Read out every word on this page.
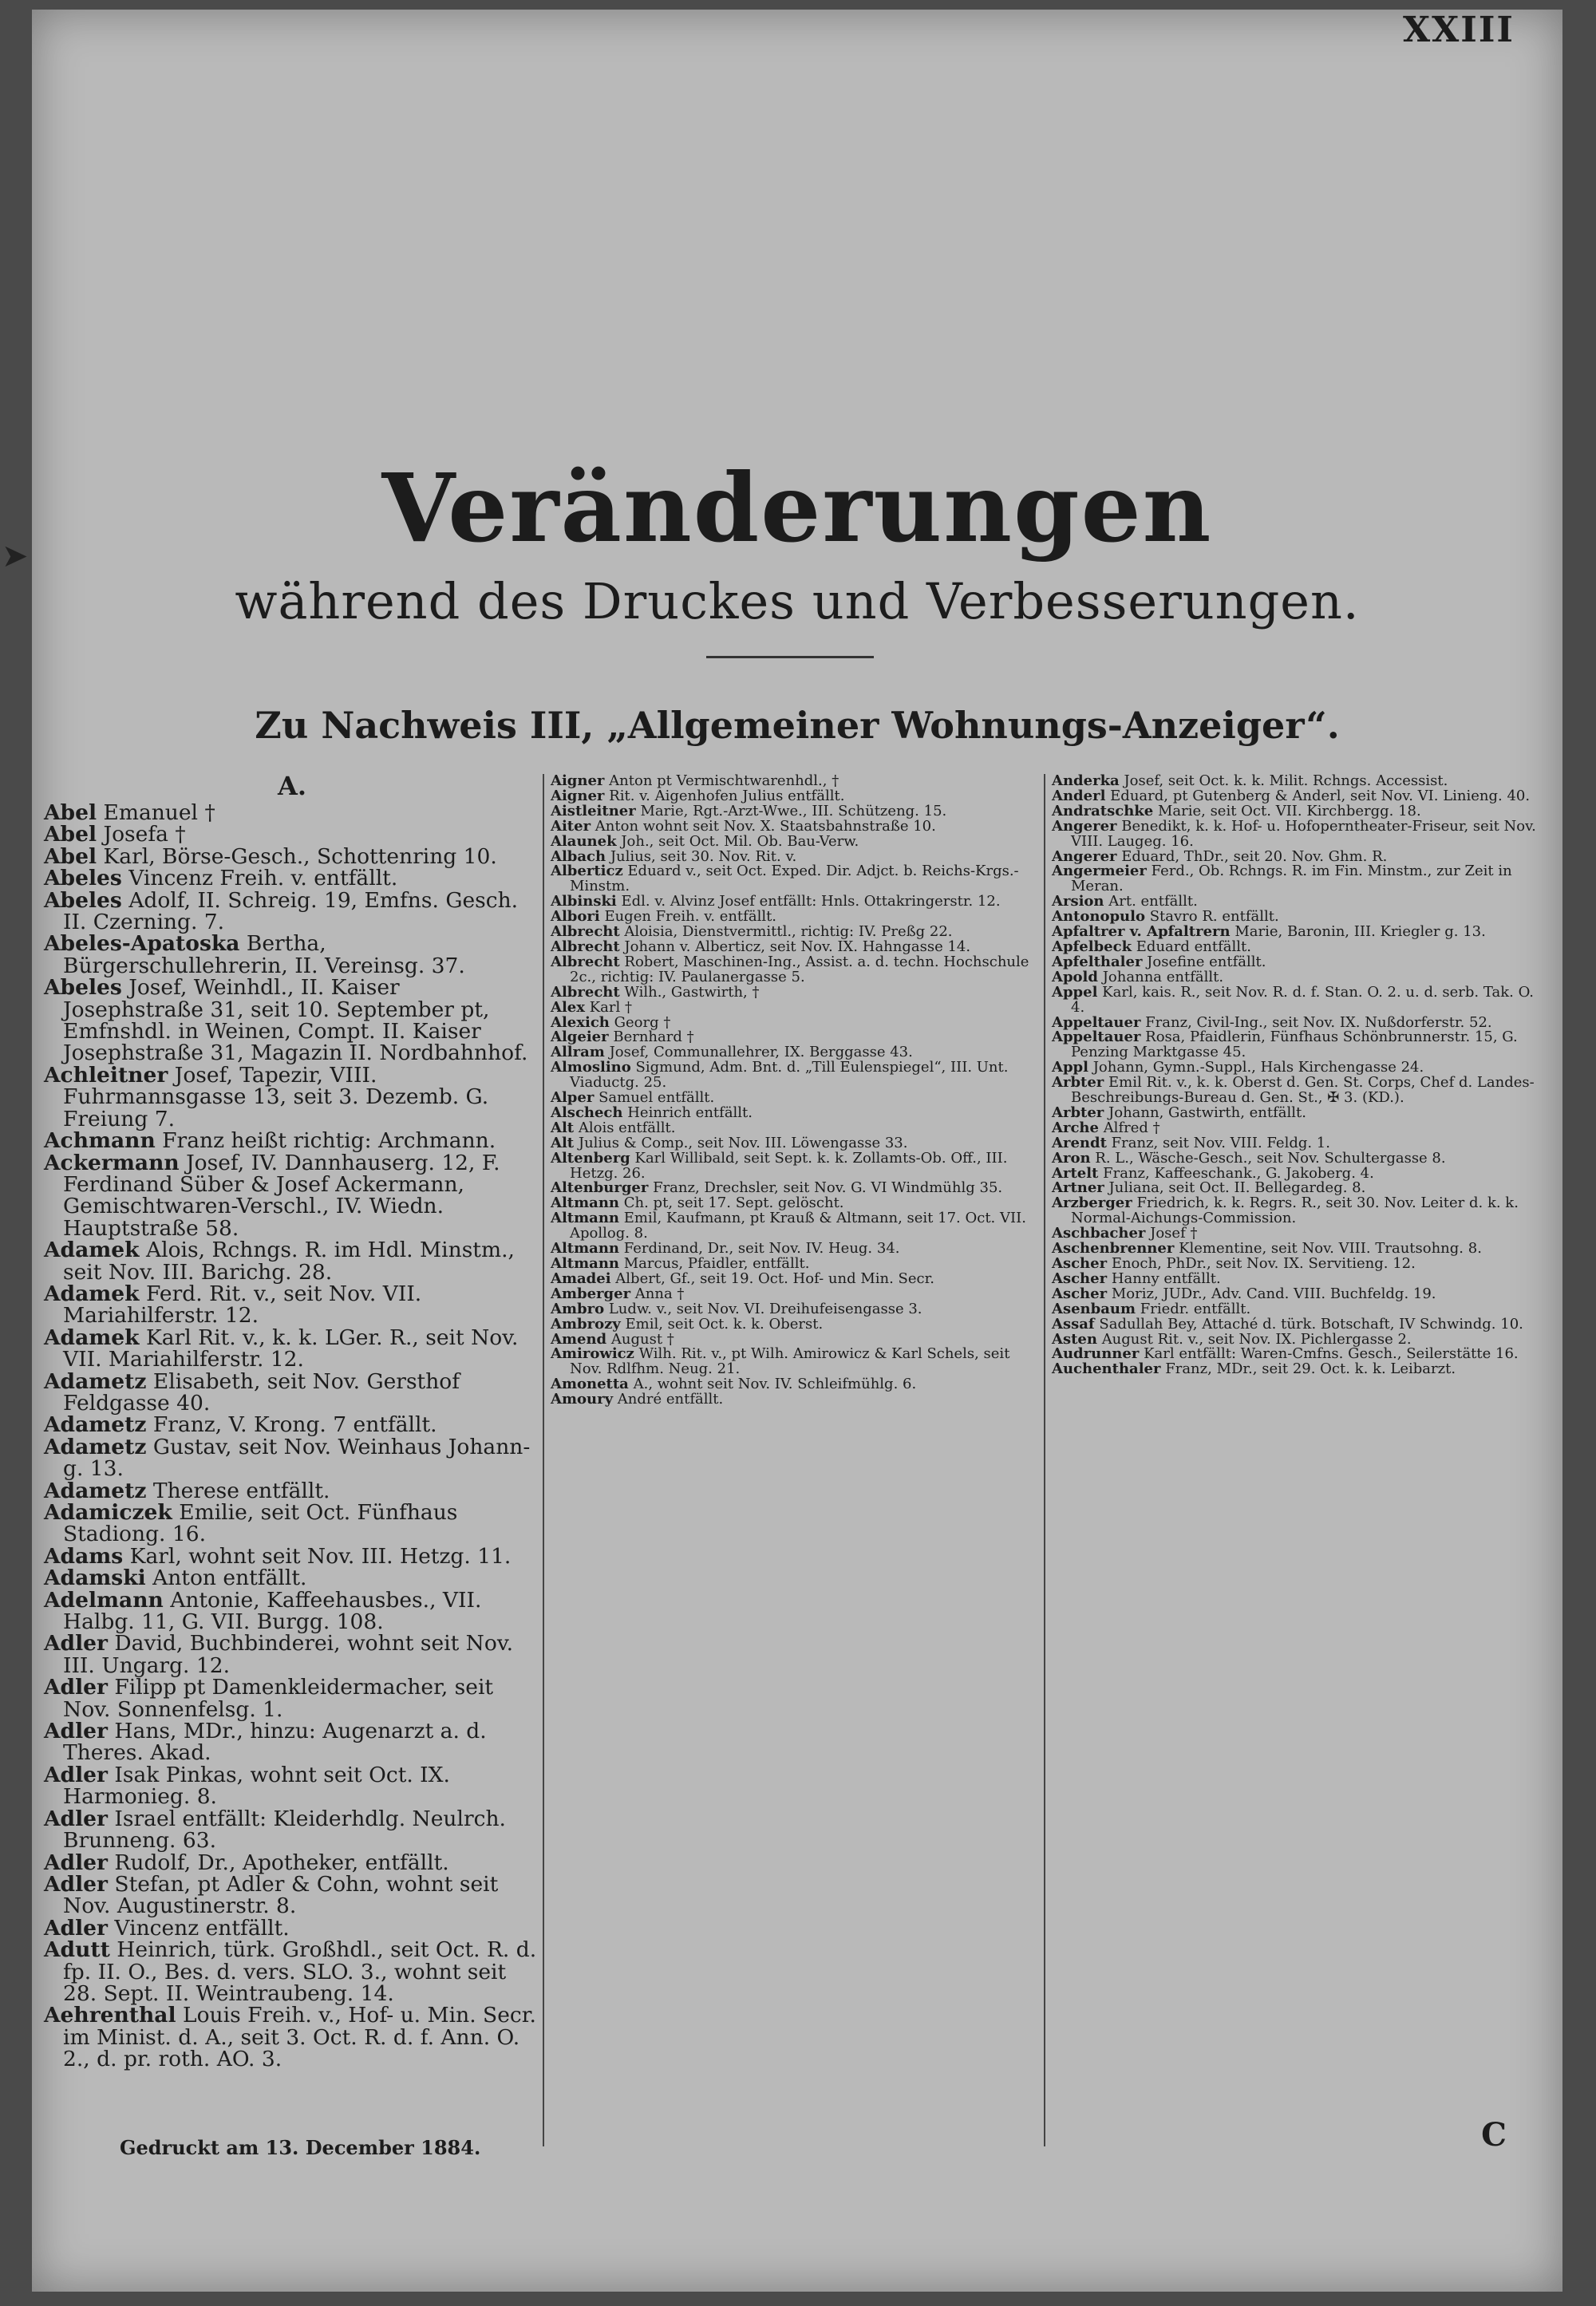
➤
XXIII
Veränderungen
während des Druckes und Verbesserungen.
Zu Nachweis III, „Allgemeiner Wohnungs-Anzeiger“.
A.

Abel Emanuel †

Abel Josefa †

Abel Karl, Börse-Gesch., Schottenring 10.

Abeles Vincenz Freih. v. entfällt.

Abeles Adolf, II. Schreig. 19, Emfns. Gesch. II. Czerning. 7.

Abeles-Apatoska Bertha, Bürgerschullehrerin, II. Vereinsg. 37.

Abeles Josef, Weinhdl., II. Kaiser Josephstraße 31, seit 10. September pt, Emfnshdl. in Weinen, Compt. II. Kaiser Josephstraße 31, Magazin II. Nordbahnhof.

Achleitner Josef, Tapezir, VIII. Fuhrmannsgasse 13, seit 3. Dezemb. G. Freiung 7.

Achmann Franz heißt richtig: Archmann.

Ackermann Josef, IV. Dannhauserg. 12, F. Ferdinand Süber & Josef Ackermann, Gemischtwaren-Verschl., IV. Wiedn. Hauptstraße 58.

Adamek Alois, Rchngs. R. im Hdl. Minstm., seit Nov. III. Barichg. 28.

Adamek Ferd. Rit. v., seit Nov. VII. Mariahilferstr. 12.

Adamek Karl Rit. v., k. k. LGer. R., seit Nov. VII. Mariahilferstr. 12.

Adametz Elisabeth, seit Nov. Gersthof Feldgasse 40.

Adametz Franz, V. Krong. 7 entfällt.

Adametz Gustav, seit Nov. Weinhaus Johann-g. 13.

Adametz Therese entfällt.

Adamiczek Emilie, seit Oct. Fünfhaus Stadiong. 16.

Adams Karl, wohnt seit Nov. III. Hetzg. 11.

Adamski Anton entfällt.

Adelmann Antonie, Kaffeehausbes., VII. Halbg. 11, G. VII. Burgg. 108.

Adler David, Buchbinderei, wohnt seit Nov. III. Ungarg. 12.

Adler Filipp pt Damenkleidermacher, seit Nov. Sonnenfelsg. 1.

Adler Hans, MDr., hinzu: Augenarzt a. d. Theres. Akad.

Adler Isak Pinkas, wohnt seit Oct. IX. Harmonieg. 8.

Adler Israel entfällt: Kleiderhdlg. Neulrch. Brunneng. 63.

Adler Rudolf, Dr., Apotheker, entfällt.

Adler Stefan, pt Adler & Cohn, wohnt seit Nov. Augustinerstr. 8.

Adler Vincenz entfällt.

Adutt Heinrich, türk. Großhdl., seit Oct. R. d. fp. II. O., Bes. d. vers. SLO. 3., wohnt seit 28. Sept. II. Weintraubeng. 14.

Aehrenthal Louis Freih. v., Hof- u. Min. Secr. im Minist. d. A., seit 3. Oct. R. d. f. Ann. O. 2., d. pr. roth. AO. 3.

Aigner Anton pt Vermischtwarenhdl., †

Aigner Rit. v. Aigenhofen Julius entfällt.

Aistleitner Marie, Rgt.-Arzt-Wwe., III. Schützeng. 15.

Aiter Anton wohnt seit Nov. X. Staatsbahnstraße 10.

Alaunek Joh., seit Oct. Mil. Ob. Bau-Verw.

Albach Julius, seit 30. Nov. Rit. v.

Alberticz Eduard v., seit Oct. Exped. Dir. Adjct. b. Reichs-Krgs.-Minstm.

Albinski Edl. v. Alvinz Josef entfällt: Hnls. Ottakringerstr. 12.

Albori Eugen Freih. v. entfällt.

Albrecht Aloisia, Dienstvermittl., richtig: IV. Preßg 22.

Albrecht Johann v. Alberticz, seit Nov. IX. Hahngasse 14.

Albrecht Robert, Maschinen-Ing., Assist. a. d. techn. Hochschule 2c., richtig: IV. Paulanergasse 5.

Albrecht Wilh., Gastwirth, †

Alex Karl †

Alexich Georg †

Algeier Bernhard †

Allram Josef, Communallehrer, IX. Berggasse 43.

Almoslino Sigmund, Adm. Bnt. d. „Till Eulenspiegel“, III. Unt. Viaductg. 25.

Alper Samuel entfällt.

Alschech Heinrich entfällt.

Alt Alois entfällt.

Alt Julius & Comp., seit Nov. III. Löwengasse 33.

Altenberg Karl Willibald, seit Sept. k. k. Zollamts-Ob. Off., III. Hetzg. 26.

Altenburger Franz, Drechsler, seit Nov. G. VI Windmühlg 35.

Altmann Ch. pt, seit 17. Sept. gelöscht.

Altmann Emil, Kaufmann, pt Krauß & Altmann, seit 17. Oct. VII. Apollog. 8.

Altmann Ferdinand, Dr., seit Nov. IV. Heug. 34.

Altmann Marcus, Pfaidler, entfällt.

Amadei Albert, Gf., seit 19. Oct. Hof- und Min. Secr.

Amberger Anna †

Ambro Ludw. v., seit Nov. VI. Dreihufeisengasse 3.

Ambrozy Emil, seit Oct. k. k. Oberst.

Amend August †

Amirowicz Wilh. Rit. v., pt Wilh. Amirowicz & Karl Schels, seit Nov. Rdlfhm. Neug. 21.

Amonetta A., wohnt seit Nov. IV. Schleifmühlg. 6.

Amoury André entfällt.

Anderka Josef, seit Oct. k. k. Milit. Rchngs. Accessist.

Anderl Eduard, pt Gutenberg & Anderl, seit Nov. VI. Linieng. 40.

Andratschke Marie, seit Oct. VII. Kirchbergg. 18.

Angerer Benedikt, k. k. Hof- u. Hofoperntheater-Friseur, seit Nov. VIII. Laugeg. 16.

Angerer Eduard, ThDr., seit 20. Nov. Ghm. R.

Angermeier Ferd., Ob. Rchngs. R. im Fin. Minstm., zur Zeit in Meran.

Arsion Art. entfällt.

Antonopulo Stavro R. entfällt.

Apfaltrer v. Apfaltrern Marie, Baronin, III. Kriegler g. 13.

Apfelbeck Eduard entfällt.

Apfelthaler Josefine entfällt.

Apold Johanna entfällt.

Appel Karl, kais. R., seit Nov. R. d. f. Stan. O. 2. u. d. serb. Tak. O. 4.

Appeltauer Franz, Civil-Ing., seit Nov. IX. Nußdorferstr. 52.

Appeltauer Rosa, Pfaidlerin, Fünfhaus Schönbrunnerstr. 15, G. Penzing Marktgasse 45.

Appl Johann, Gymn.-Suppl., Hals Kirchengasse 24.

Arbter Emil Rit. v., k. k. Oberst d. Gen. St. Corps, Chef d. Landes-Beschreibungs-Bureau d. Gen. St., ✠ 3. (KD.).

Arbter Johann, Gastwirth, entfällt.

Arche Alfred †

Arendt Franz, seit Nov. VIII. Feldg. 1.

Aron R. L., Wäsche-Gesch., seit Nov. Schultergasse 8.

Artelt Franz, Kaffeeschank., G. Jakoberg. 4.

Artner Juliana, seit Oct. II. Bellegardeg. 8.

Arzberger Friedrich, k. k. Regrs. R., seit 30. Nov. Leiter d. k. k. Normal-Aichungs-Commission.

Aschbacher Josef †

Aschenbrenner Klementine, seit Nov. VIII. Trautsohng. 8.

Ascher Enoch, PhDr., seit Nov. IX. Servitieng. 12.

Ascher Hanny entfällt.

Ascher Moriz, JUDr., Adv. Cand. VIII. Buchfeldg. 19.

Asenbaum Friedr. entfällt.

Assaf Sadullah Bey, Attaché d. türk. Botschaft, IV Schwindg. 10.

Asten August Rit. v., seit Nov. IX. Pichlergasse 2.

Audrunner Karl entfällt: Waren-Cmfns. Gesch., Seilerstätte 16.

Auchenthaler Franz, MDr., seit 29. Oct. k. k. Leibarzt.

Gedruckt am 13. December 1884.	C
